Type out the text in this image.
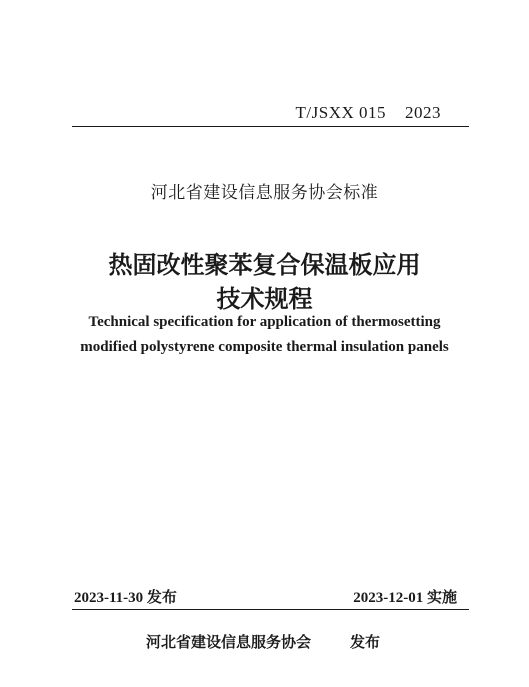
T/JSXX 015    2023
河北省建设信息服务协会标准
热固改性聚苯复合保温板应用
技术规程
Technical specification for application of thermosetting
modified polystyrene composite thermal insulation panels
2023-11-30 发布	2023-12-01 实施
河北省建设信息服务协会	发布
